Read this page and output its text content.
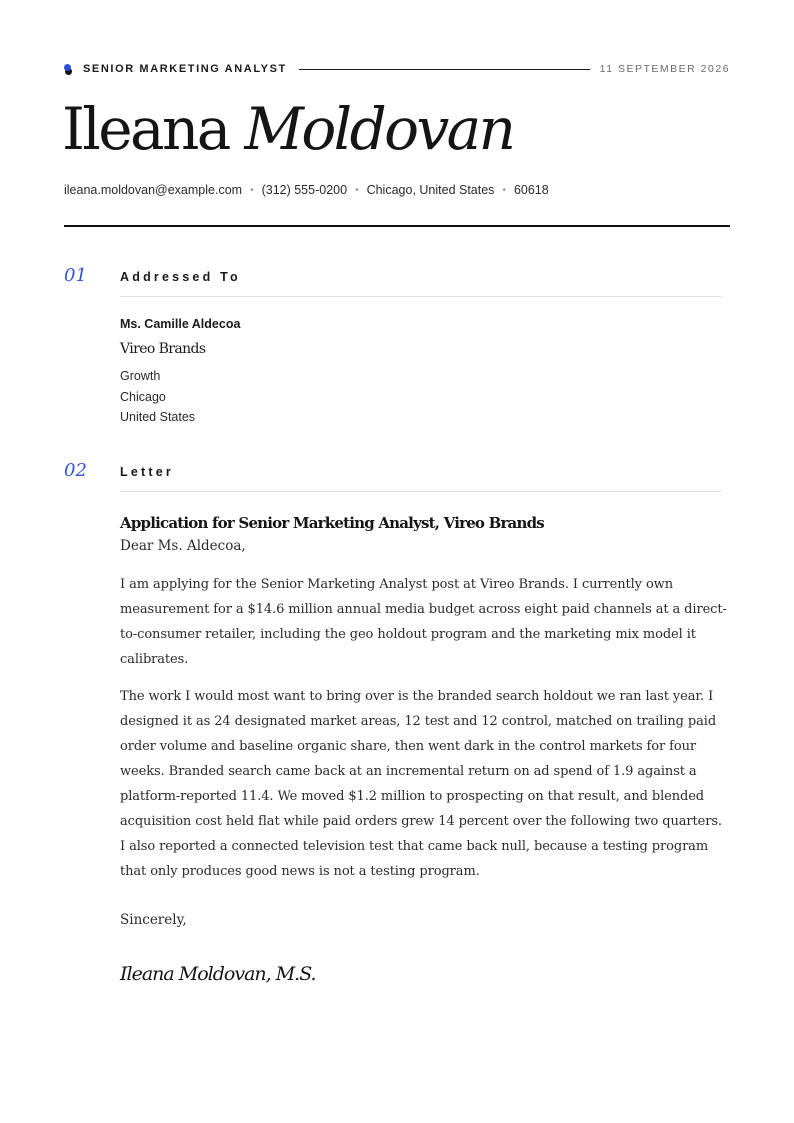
SENIOR MARKETING ANALYST	11 SEPTEMBER 2026
Ileana Moldovan
ileana.moldovan@example.com • (312) 555-0200 • Chicago, United States • 60618
01	Addressed To
Ms. Camille Aldecoa
Vireo Brands
Growth
Chicago
United States
02	Letter
Application for Senior Marketing Analyst, Vireo Brands

Dear Ms. Aldecoa,

I am applying for the Senior Marketing Analyst post at Vireo Brands. I currently own measurement for a $14.6 million annual media budget across eight paid channels at a direct-to-consumer retailer, including the geo holdout program and the marketing mix model it calibrates.

The work I would most want to bring over is the branded search holdout we ran last year. I designed it as 24 designated market areas, 12 test and 12 control, matched on trailing paid order volume and baseline organic share, then went dark in the control markets for four weeks. Branded search came back at an incremental return on ad spend of 1.9 against a platform-reported 11.4. We moved $1.2 million to prospecting on that result, and blended acquisition cost held flat while paid orders grew 14 percent over the following two quarters. I also reported a connected television test that came back null, because a testing program that only produces good news is not a testing program.

Sincerely,
Ileana Moldovan, M.S.
